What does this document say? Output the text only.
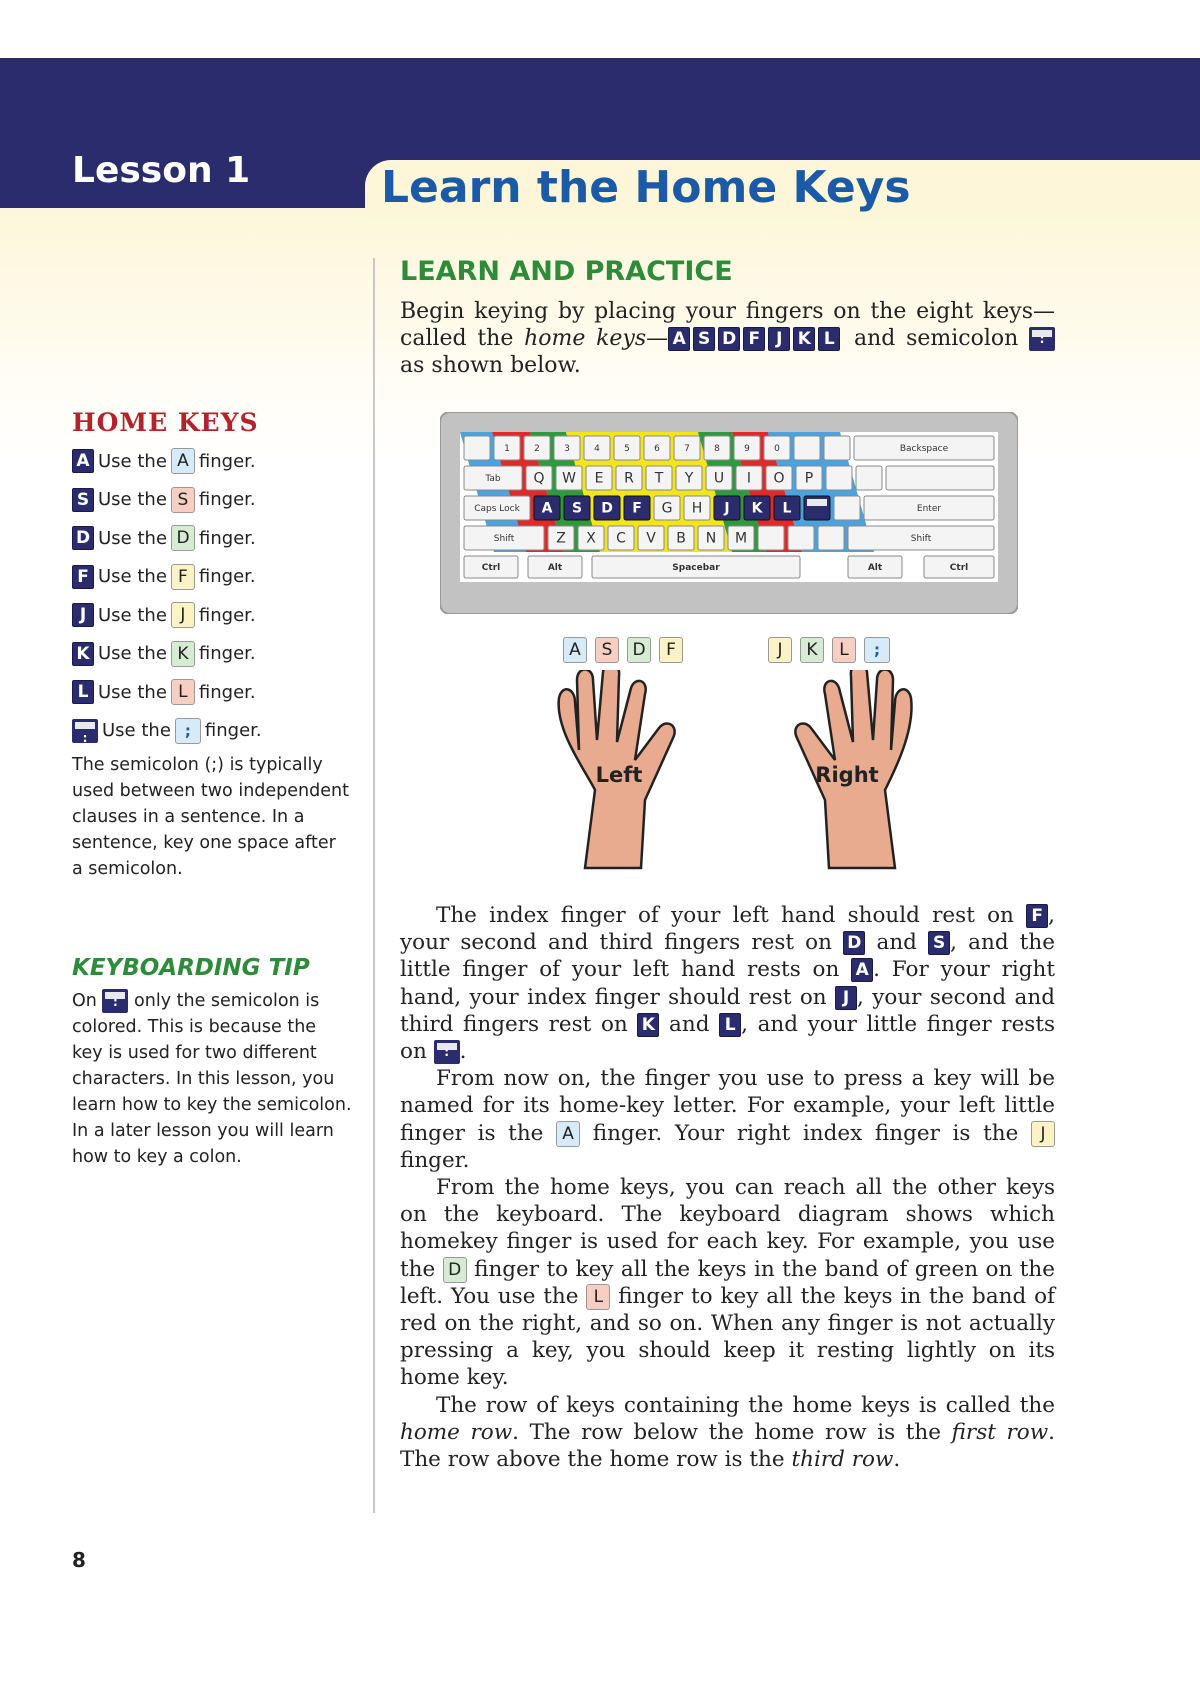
Lesson 1	Learn the Home Keys
HOME KEYS
A Use the A finger.
S Use the S finger.
D Use the D finger.
F Use the F finger.
J Use the J finger.
K Use the K finger.
L Use the L finger.
:
Use the ; finger.
The semicolon (;) is typically used between two independent clauses in a sentence. In a sentence, key one space after a semicolon.
KEYBOARDING TIP
On : only the semicolon is colored. This is because the key is used for two different characters. In this lesson, you learn how to key the semicolon. In a later lesson you will learn how to key a colon.
8
LEARN AND PRACTICE
Begin keying by placing your fingers on the eight keys—called the home keys— A S D F J K L and semicolon : as shown below.
1	2	3	4	5	6	7	8	9	0	Backspace
Tab Q W E R T Y U I O P
Caps Lock A S D F G H J K L	Enter
Shift	Z X C V B N M	Shift
Ctrl	Alt	Spacebar	Alt	Ctrl
A	S	D	F	J	K	L
;
Left	Right

The index finger of your left hand should rest on F , your second and third fingers rest on D and S , and the little finger of your left hand rests on A . For your right hand, your index finger should rest on J , your second and third fingers rest on K and L , and your little finger rests on : .

From now on, the finger you use to press a key will be named for its home-key letter. For example, your left little finger is the A finger. Your right index finger is the J finger.

From the home keys, you can reach all the other keys on the keyboard. The keyboard diagram shows which homekey finger is used for each key. For example, you use the D finger to key all the keys in the band of green on the left. You use the L finger to key all the keys in the band of red on the right, and so on. When any finger is not actually pressing a key, you should keep it resting lightly on its home key.

The row of keys containing the home keys is called the home row. The row below the home row is the first row. The row above the home row is the third row.
